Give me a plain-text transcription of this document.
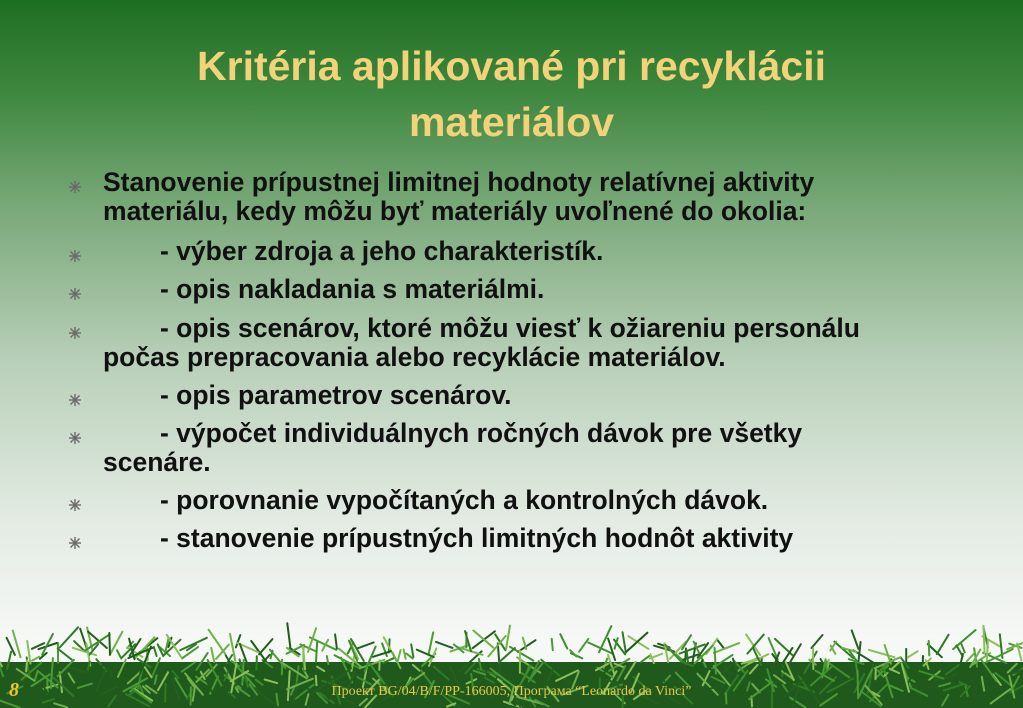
Kritéria aplikované pri recyklácii
materiálov
Stanovenie prípustnej limitnej hodnoty relatívnej aktivity
materiálu, kedy môžu byť materiály uvoľnené do okolia:
- výber zdroja a jeho charakteristík.
- opis nakladania s materiálmi.
- opis scenárov, ktoré môžu viesť k ožiareniu personálu
počas prepracovania alebo recyklácie materiálov.
- opis parametrov scenárov.
- výpočet individuálnych ročných dávok pre všetky
scenáre.
- porovnanie vypočítaných a kontrolných dávok.
- stanovenie prípustných limitných hodnôt aktivity
8	Проект BG/04/B/F/PP-166005, Програма “Leonardo da Vinci”
